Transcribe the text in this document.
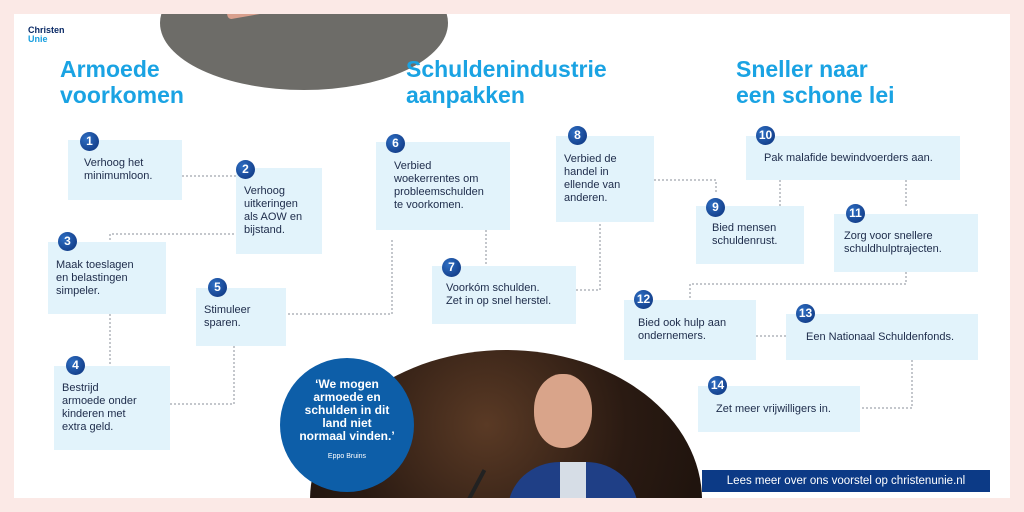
Christen
Unie
Armoede
voorkomen
Schuldenindustrie
aanpakken
Sneller naar
een schone lei
Verhoog het
minimumloon.
1
Verhoog
uitkeringen
als AOW en
bijstand.
2
Maak toeslagen
en belastingen
simpeler.
3
Bestrijd
armoede onder
kinderen met
extra geld.
4
Stimuleer
sparen.
5
Verbied
woekerrentes om
probleemschulden
te voorkomen.
6
Voorkóm schulden.
Zet in op snel herstel.
7
Verbied de
handel in
ellende van
anderen.
8
Bied mensen
schuldenrust.
9
Pak malafide bewindvoerders aan.
10
Zorg voor snellere
schuldhulptrajecten.
11
Bied ook hulp aan
ondernemers.
12
Een Nationaal Schuldenfonds.
13
Zet meer vrijwilligers in.
14
‘We mogen armoede en schulden in dit land niet normaal vinden.’
Eppo Bruins
Lees meer over ons voorstel op christenunie.nl
